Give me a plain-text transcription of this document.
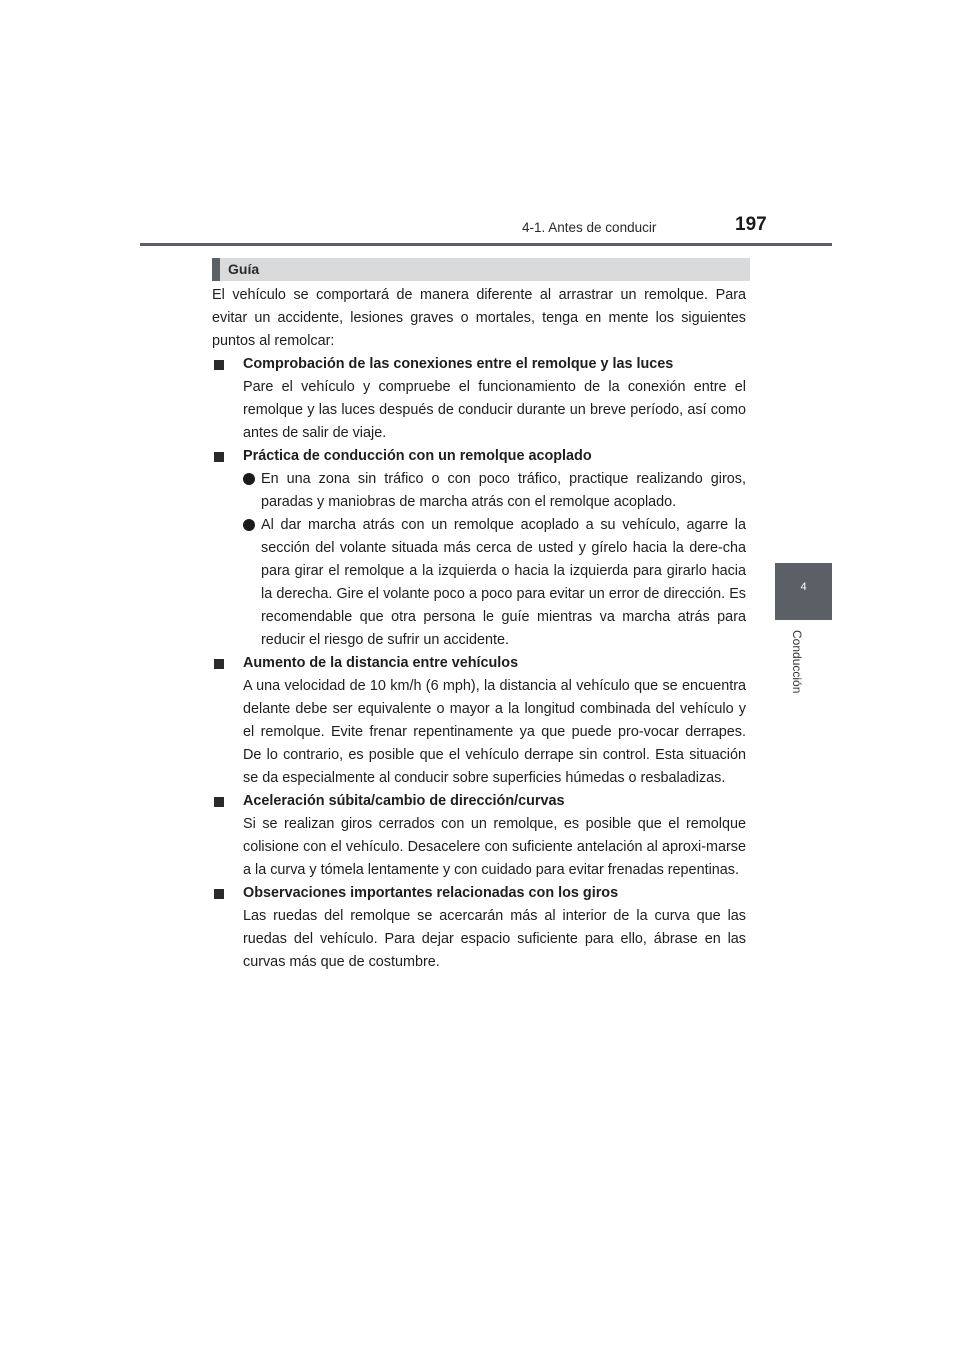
4-1. Antes de conducir	197
4
Conducción
Guía

El vehículo se comportará de manera diferente al arrastrar un remolque. Para evitar un accidente, lesiones graves o mortales, tenga en mente los siguientes puntos al remolcar:

Comprobación de las conexiones entre el remolque y las luces

Pare el vehículo y compruebe el funcionamiento de la conexión entre el remolque y las luces después de conducir durante un breve período, así como antes de salir de viaje.

Práctica de conducción con un remolque acoplado

En una zona sin tráfico o con poco tráfico, practique realizando giros, paradas y maniobras de marcha atrás con el remolque acoplado.

Al dar marcha atrás con un remolque acoplado a su vehículo, agarre la sección del volante situada más cerca de usted y gírelo hacia la dere-cha para girar el remolque a la izquierda o hacia la izquierda para girarlo hacia la derecha. Gire el volante poco a poco para evitar un error de dirección. Es recomendable que otra persona le guíe mientras va marcha atrás para reducir el riesgo de sufrir un accidente.

Aumento de la distancia entre vehículos

A una velocidad de 10 km/h (6 mph), la distancia al vehículo que se encuentra delante debe ser equivalente o mayor a la longitud combinada del vehículo y el remolque. Evite frenar repentinamente ya que puede pro-vocar derrapes. De lo contrario, es posible que el vehículo derrape sin control. Esta situación se da especialmente al conducir sobre superficies húmedas o resbaladizas.

Aceleración súbita/cambio de dirección/curvas

Si se realizan giros cerrados con un remolque, es posible que el remolque colisione con el vehículo. Desacelere con suficiente antelación al aproxi-marse a la curva y tómela lentamente y con cuidado para evitar frenadas repentinas.

Observaciones importantes relacionadas con los giros

Las ruedas del remolque se acercarán más al interior de la curva que las ruedas del vehículo. Para dejar espacio suficiente para ello, ábrase en las curvas más que de costumbre.
